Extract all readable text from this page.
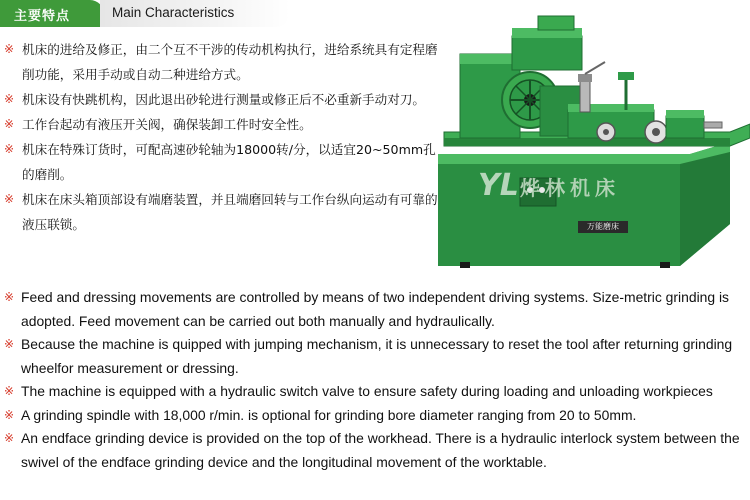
主要特点	Main Characteristics
※ 机床的进给及修正，由二个互不干涉的传动机构执行，进给系统具有定程磨削功能，采用手动或自动二种进给方式。
※ 机床设有快跳机构，因此退出砂轮进行测量或修正后不必重新手动对刀。
※ 工作台起动有液压开关阀，确保装卸工件时安全性。
※ 机床在特殊订货时，可配高速砂轮轴为18000转/分，以适宜20~50mm孔的磨削。
※ 机床在床头箱顶部设有端磨装置，并且端磨回转与工作台纵向运动有可靠的液压联锁。
YL 烨林机床
万能磨床
※ Feed and dressing movements are controlled by means of two independent driving systems. Size-metric grinding is adopted. Feed movement can be carried out both manually and hydraulically.
※ Because the machine is quipped with jumping mechanism, it is unnecessary to reset the tool after returning grinding wheelfor measurement or dressing.
※ The machine is equipped with a hydraulic switch valve to ensure safety during loading and unloading workpieces
※ A grinding spindle with 18,000 r/min. is optional for grinding bore diameter ranging from 20 to 50mm.
※ An endface grinding device is provided on the top of the workhead. There is a hydraulic interlock system between the swivel of the endface grinding device and the longitudinal movement of the worktable.
